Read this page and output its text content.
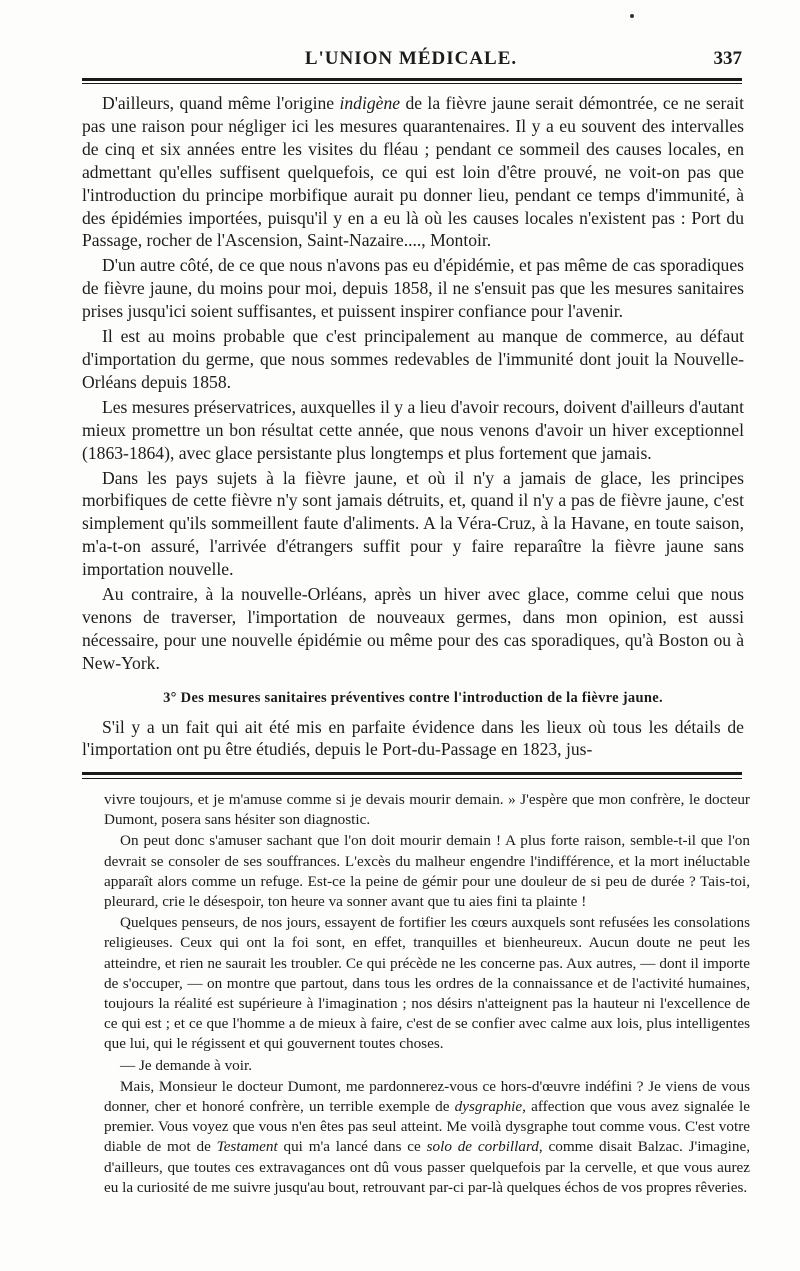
L'UNION MÉDICALE.	337

D'ailleurs, quand même l'origine indigène de la fièvre jaune serait démontrée, ce ne serait pas une raison pour négliger ici les mesures quarantenaires. Il y a eu souvent des intervalles de cinq et six années entre les visites du fléau ; pendant ce sommeil des causes locales, en admettant qu'elles suffisent quelquefois, ce qui est loin d'être prouvé, ne voit-on pas que l'introduction du principe morbifique aurait pu donner lieu, pendant ce temps d'immunité, à des épidémies importées, puisqu'il y en a eu là où les causes locales n'existent pas : Port du Passage, rocher de l'Ascension, Saint-Nazaire...., Montoir.

D'un autre côté, de ce que nous n'avons pas eu d'épidémie, et pas même de cas sporadiques de fièvre jaune, du moins pour moi, depuis 1858, il ne s'ensuit pas que les mesures sanitaires prises jusqu'ici soient suffisantes, et puissent inspirer confiance pour l'avenir.

Il est au moins probable que c'est principalement au manque de commerce, au défaut d'importation du germe, que nous sommes redevables de l'immunité dont jouit la Nouvelle-Orléans depuis 1858.

Les mesures préservatrices, auxquelles il y a lieu d'avoir recours, doivent d'ailleurs d'autant mieux promettre un bon résultat cette année, que nous venons d'avoir un hiver exceptionnel (1863-1864), avec glace persistante plus longtemps et plus fortement que jamais.

Dans les pays sujets à la fièvre jaune, et où il n'y a jamais de glace, les principes morbifiques de cette fièvre n'y sont jamais détruits, et, quand il n'y a pas de fièvre jaune, c'est simplement qu'ils sommeillent faute d'aliments. A la Véra-Cruz, à la Havane, en toute saison, m'a-t-on assuré, l'arrivée d'étrangers suffit pour y faire reparaître la fièvre jaune sans importation nouvelle.

Au contraire, à la nouvelle-Orléans, après un hiver avec glace, comme celui que nous venons de traverser, l'importation de nouveaux germes, dans mon opinion, est aussi nécessaire, pour une nouvelle épidémie ou même pour des cas sporadiques, qu'à Boston ou à New-York.

3° Des mesures sanitaires préventives contre l'introduction de la fièvre jaune.

S'il y a un fait qui ait été mis en parfaite évidence dans les lieux où tous les détails de l'importation ont pu être étudiés, depuis le Port-du-Passage en 1823, jus-

vivre toujours, et je m'amuse comme si je devais mourir demain. » J'espère que mon confrère, le docteur Dumont, posera sans hésiter son diagnostic.

On peut donc s'amuser sachant que l'on doit mourir demain ! A plus forte raison, semble-t-il que l'on devrait se consoler de ses souffrances. L'excès du malheur engendre l'indifférence, et la mort inéluctable apparaît alors comme un refuge. Est-ce la peine de gémir pour une douleur de si peu de durée ? Tais-toi, pleurard, crie le désespoir, ton heure va sonner avant que tu aies fini ta plainte !

Quelques penseurs, de nos jours, essayent de fortifier les cœurs auxquels sont refusées les consolations religieuses. Ceux qui ont la foi sont, en effet, tranquilles et bienheureux. Aucun doute ne peut les atteindre, et rien ne saurait les troubler. Ce qui précède ne les concerne pas. Aux autres, — dont il importe de s'occuper, — on montre que partout, dans tous les ordres de la connaissance et de l'activité humaines, toujours la réalité est supérieure à l'imagination ; nos désirs n'atteignent pas la hauteur ni l'excellence de ce qui est ; et ce que l'homme a de mieux à faire, c'est de se confier avec calme aux lois, plus intelligentes que lui, qui le régissent et qui gouvernent toutes choses.

— Je demande à voir.

Mais, Monsieur le docteur Dumont, me pardonnerez-vous ce hors-d'œuvre indéfini ? Je viens de vous donner, cher et honoré confrère, un terrible exemple de dysgraphie, affection que vous avez signalée le premier. Vous voyez que vous n'en êtes pas seul atteint. Me voilà dysgraphe tout comme vous. C'est votre diable de mot de Testament qui m'a lancé dans ce solo de corbillard, comme disait Balzac. J'imagine, d'ailleurs, que toutes ces extravagances ont dû vous passer quelquefois par la cervelle, et que vous aurez eu la curiosité de me suivre jusqu'au bout, retrouvant par-ci par-là quelques échos de vos propres rêveries.
